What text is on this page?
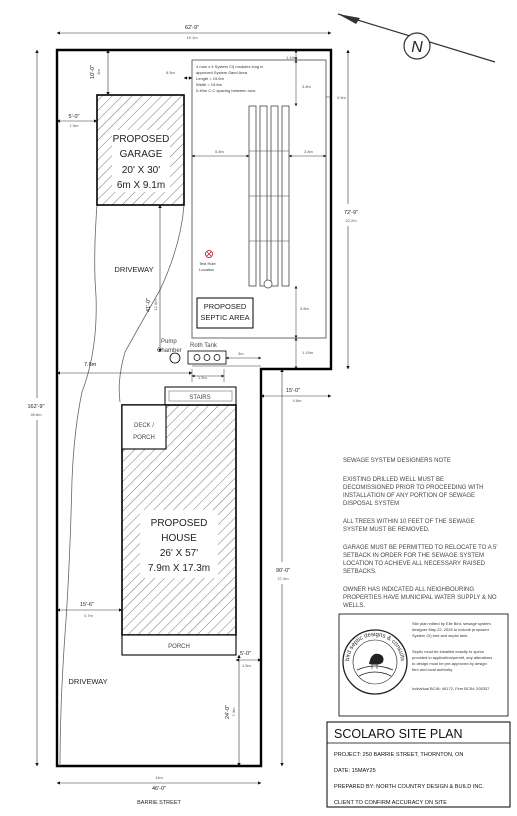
N
62'-9"
19.1m
72'-9"
22.2m
162'-9"
49.6m
90'-0"
27.4m
14m
46'-0"
BARRIE STREET
DRIVEWAY
DRIVEWAY
PROPOSED
GARAGE
20' X 30'
6m X 9.1m
10'-0" 3m
5'-0"
1.5m
8.5m
41'-0" 12.5m
4 runs x 4 System Cl) modules long in approved System Sand Area Length = 19.6m Width = 19.6m 0.45m C-C spacing between runs
1.19m
3.8m
0.5m
5.8m	3.8m
3.8m
1.19m
Test Hole
Location
PROPOSED
SEPTIC AREA
Pump
Chamber
Roth Tank
3m
7.6m
1.5m
15'-0"
4.6m
STAIRS
DECK /
PORCH
PROPOSED
HOUSE
26' X 57'
7.9m X 17.3m
PORCH
15'-6"
4.7m
5'-0"
1.5m
24'-0" 7.3m
SEWAGE SYSTEM DESIGNERS NOTE
EXISTING DRILLED WELL MUST BE DECOMISSIONED PRIOR TO PROCEEDING WITH INSTALLATION OF ANY PORTION OF SEWAGE DISPOSAL SYSTEM
ALL TREES WITHIN 10 FEET OF THE SEWAGE SYSTEM MUST BE REMOVED.
GARAGE MUST BE PERMITTED TO RELOCATE TO A 5' SETBACK IN ORDER FOR THE SEWAGE SYSTEM LOCATION TO ACHIEVE ALL NECESSARY RAISED SETBACKS.
OWNER HAS INDICATED ALL NEIGHBOURING PROPERTIES HAVE MUNICIPAL WATER SUPPLY & NO WELLS.
bird septic designs & consults
Site plan edited by Elle Bird, sewage system designer May 22, 2025 to include proposed System Cl) bed and septic tank.
Septic must be installed exactly to specs provided in application/permit, any alterations to design must be pre-approved by design firm and local authority.
Individual BCIN: 46172, Firm BCIN: 205337
SCOLARO SITE PLAN
PROJECT: 250 BARRIE STREET, THORNTON, ON
DATE: 15MAY25
PREPARED BY: NORTH COUNTRY DESIGN & BUILD INC.
CLIENT TO CONFIRM ACCURACY ON SITE
